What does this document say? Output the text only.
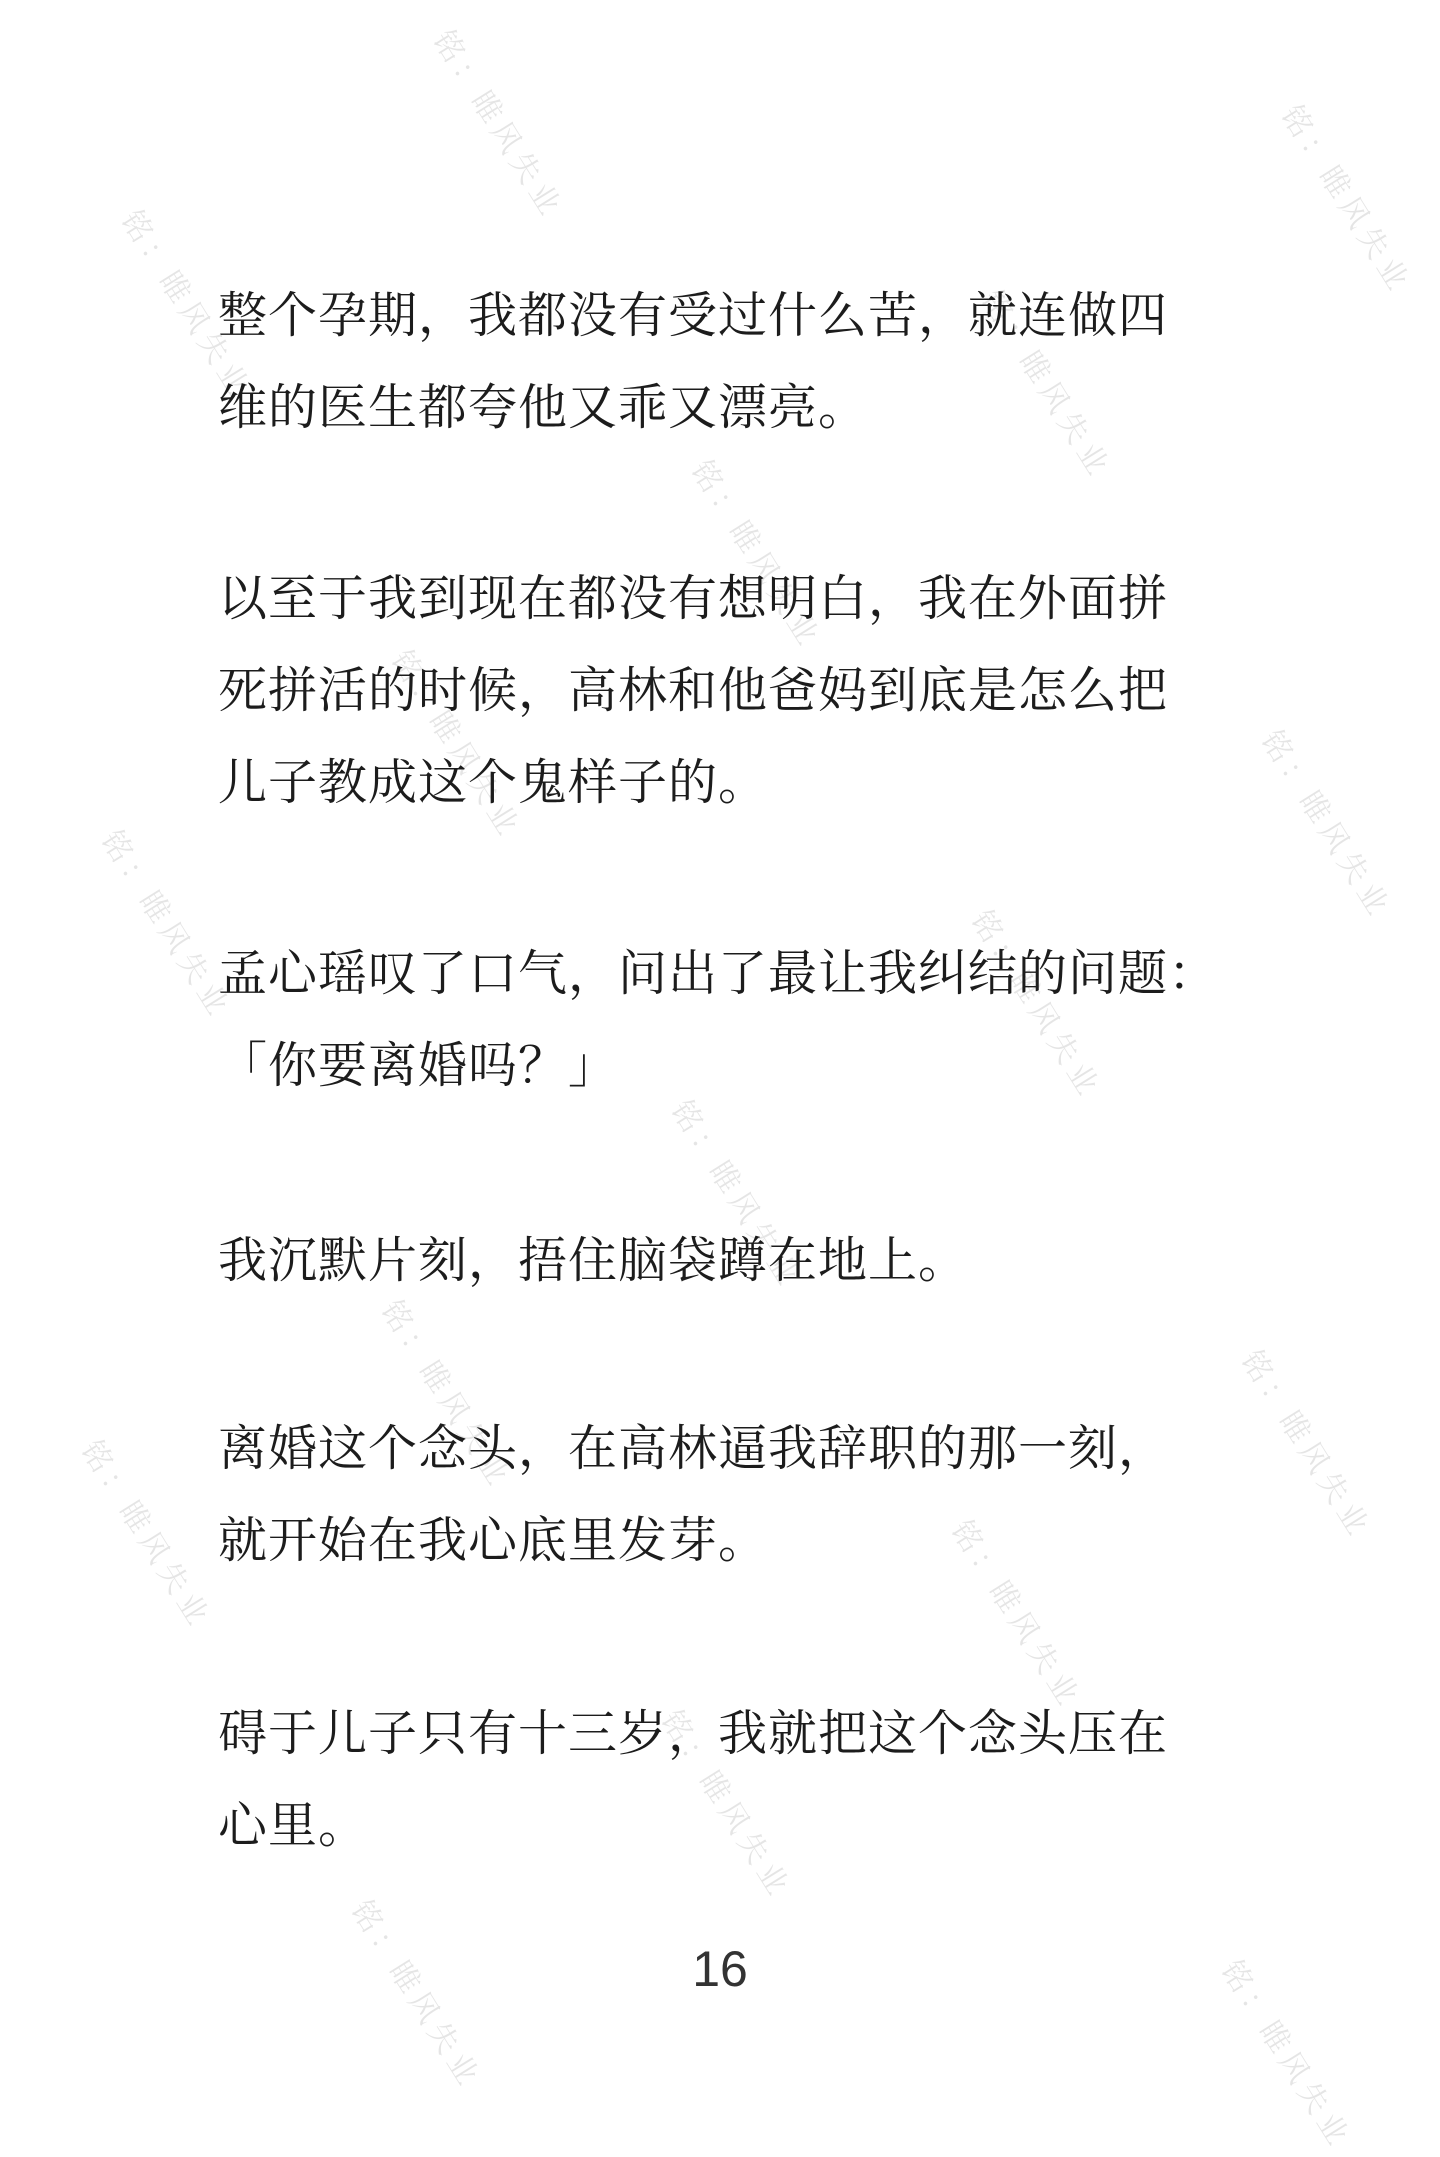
铭：睢风失业	铭：睢风失业
铭：睢风失业	铭：睢风失业
铭：睢风失业
铭：睢风失业	铭：睢风失业
铭：睢风失业	铭：睢风失业
铭：睢风失业
铭：睢风失业	铭：睢风失业
铭：睢风失业	铭：睢风失业
铭：睢风失业
铭：睢风失业	铭：睢风失业
整个孕期，我都没有受过什么苦，就连做四
维的医生都夸他又乖又漂亮。
以至于我到现在都没有想明白，我在外面拼
死拼活的时候，高林和他爸妈到底是怎么把
儿子教成这个鬼样子的。
孟心瑶叹了口气，问出了最让我纠结的问题：
「你要离婚吗？」
我沉默片刻，捂住脑袋蹲在地上。
离婚这个念头，在高林逼我辞职的那一刻，
就开始在我心底里发芽。
碍于儿子只有十三岁，我就把这个念头压在
心里。
16
